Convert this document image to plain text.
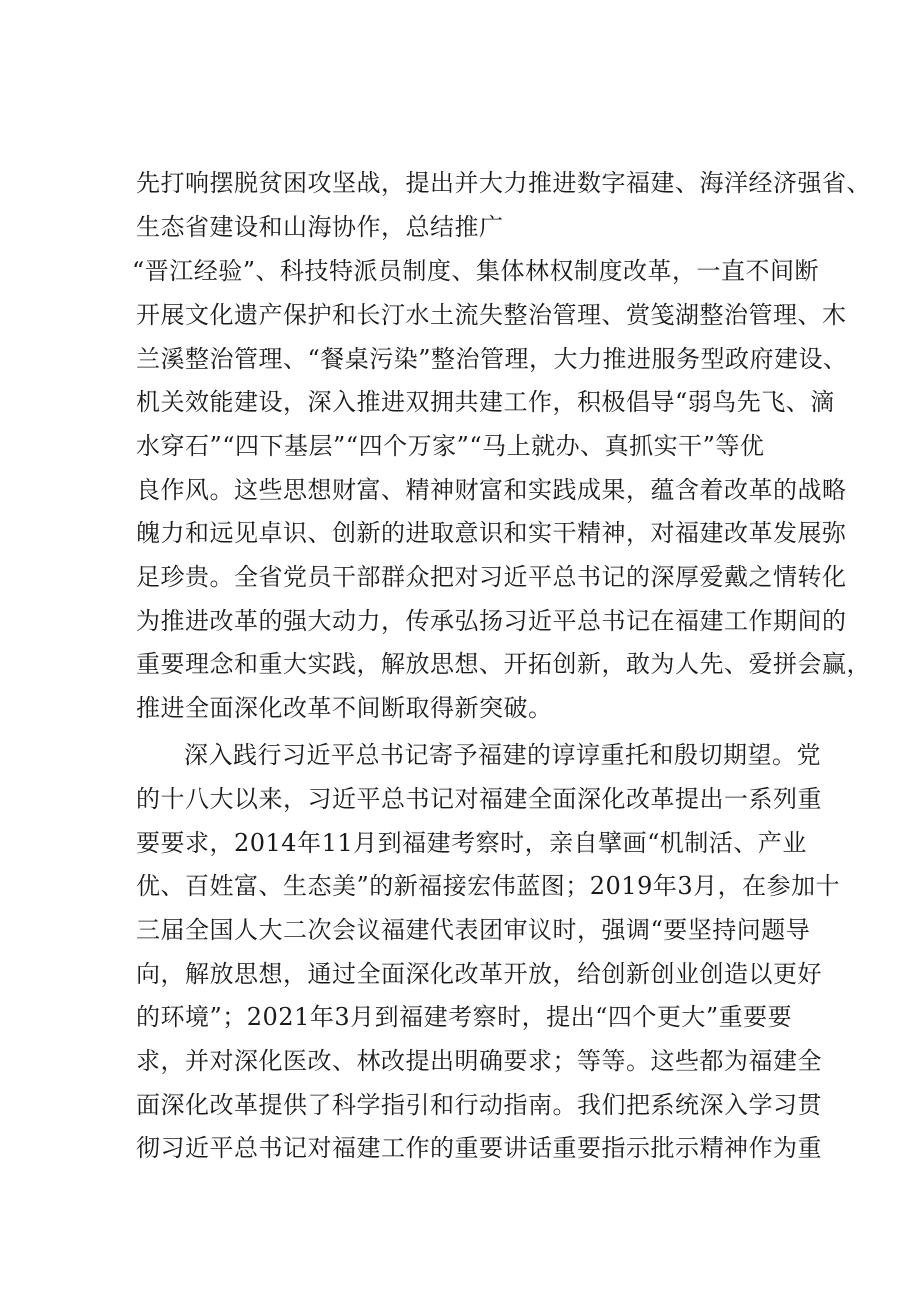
先打响摆脱贫困攻坚战，提出并大力推进数字福建、海洋经济强省、
生态省建设和山海协作，总结推广
“晋江经验”、科技特派员制度、集体林权制度改革，一直不间断
开展文化遗产保护和长汀水土流失整治管理、赏笺湖整治管理、木
兰溪整治管理、“餐桌污染”整治管理，大力推进服务型政府建设、
机关效能建设，深入推进双拥共建工作，积极倡导“弱鸟先飞、滴
水穿石”“四下基层”“四个万家”“马上就办、真抓实干”等优
良作风。这些思想财富、精神财富和实践成果，蕴含着改革的战略
魄力和远见卓识、创新的进取意识和实干精神，对福建改革发展弥
足珍贵。全省党员干部群众把对习近平总书记的深厚爱戴之情转化
为推进改革的强大动力，传承弘扬习近平总书记在福建工作期间的
重要理念和重大实践，解放思想、开拓创新，敢为人先、爱拼会赢，
推进全面深化改革不间断取得新突破。
深入践行习近平总书记寄予福建的谆谆重托和殷切期望。党
的十八大以来，习近平总书记对福建全面深化改革提出一系列重
要要求，2014年11月到福建考察时，亲自擘画“机制活、产业
优、百姓富、生态美”的新福接宏伟蓝图；2019年3月，在参加十
三届全国人大二次会议福建代表团审议时，强调“要坚持问题导
向，解放思想，通过全面深化改革开放，给创新创业创造以更好
的环境”；2021年3月到福建考察时，提出“四个更大”重要要
求，并对深化医改、林改提出明确要求；等等。这些都为福建全
面深化改革提供了科学指引和行动指南。我们把系统深入学习贯
彻习近平总书记对福建工作的重要讲话重要指示批示精神作为重
